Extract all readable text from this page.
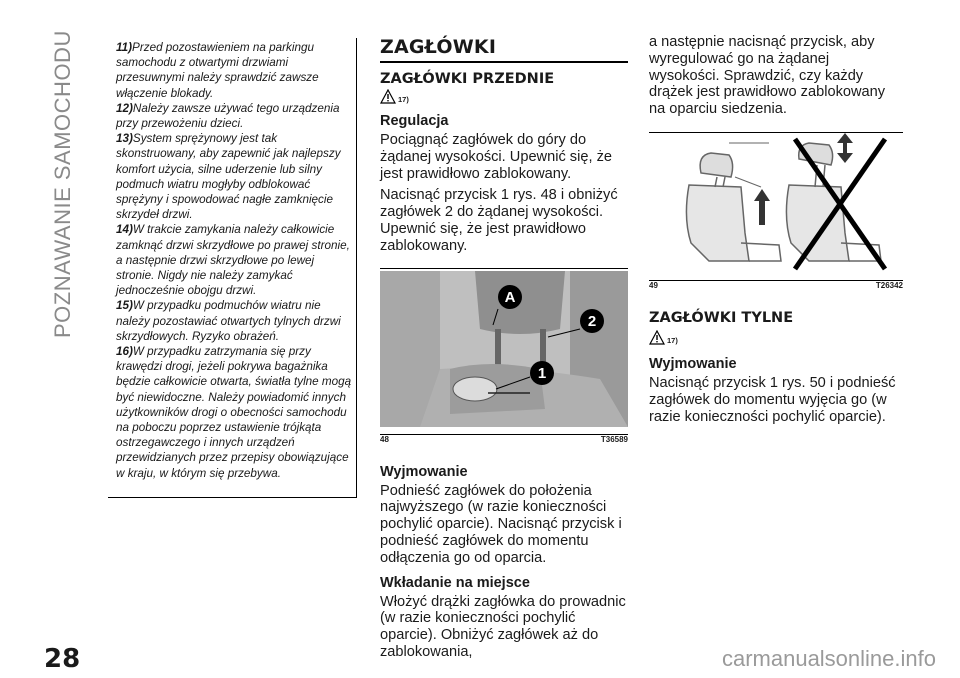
POZNAWANIE SAMOCHODU
28
11)Przed pozostawieniem na parkingu samochodu z otwartymi drzwiami przesuwnymi należy sprawdzić zawsze włączenie blokady.
12)Należy zawsze używać tego urządzenia przy przewożeniu dzieci.
13)System sprężynowy jest tak skonstruowany, aby zapewnić jak najlepszy komfort użycia, silne uderzenie lub silny podmuch wiatru mogłyby odblokować sprężyny i spowodować nagłe zamknięcie skrzydeł drzwi.
14)W trakcie zamykania należy całkowicie zamknąć drzwi skrzydłowe po prawej stronie, a następnie drzwi skrzydłowe po lewej stronie. Nigdy nie należy zamykać jednocześnie obojgu drzwi.
15)W przypadku podmuchów wiatru nie należy pozostawiać otwartych tylnych drzwi skrzydłowych. Ryzyko obrażeń.
16)W przypadku zatrzymania się przy krawędzi drogi, jeżeli pokrywa bagażnika będzie całkowicie otwarta, światła tylne mogą być niewidoczne. Należy powiadomić innych użytkowników drogi o obecności samochodu na poboczu poprzez ustawienie trójkąta ostrzegawczego i innych urządzeń przewidzianych przez przepisy obowiązujące w kraju, w którym się przebywa.
ZAGŁÓWKI
ZAGŁÓWKI PRZEDNIE
17)
Regulacja

Pociągnąć zagłówek do góry do żądanej wysokości. Upewnić się, że jest prawidłowo zablokowany.

Nacisnąć przycisk 1 rys. 48 i obniżyć zagłówek 2 do żądanej wysokości. Upewnić się, że jest prawidłowo zablokowany.

A
2
1
48	T36589
Wyjmowanie

Podnieść zagłówek do położenia najwyższego (w razie konieczności pochylić oparcie). Nacisnąć przycisk i podnieść zagłówek do momentu odłączenia go od oparcia.

Wkładanie na miejsce

Włożyć drążki zagłówka do prowadnic (w razie konieczności pochylić oparcie). Obniżyć zagłówek aż do zablokowania,

a następnie nacisnąć przycisk, aby wyregulować go na żądanej wysokości. Sprawdzić, czy każdy drążek jest prawidłowo zablokowany na oparciu siedzenia.

49	T26342
ZAGŁÓWKI TYLNE
17)
Wyjmowanie

Nacisnąć przycisk 1 rys. 50 i podnieść zagłówek do momentu wyjęcia go (w razie konieczności pochylić oparcie).

carmanualsonline.info
